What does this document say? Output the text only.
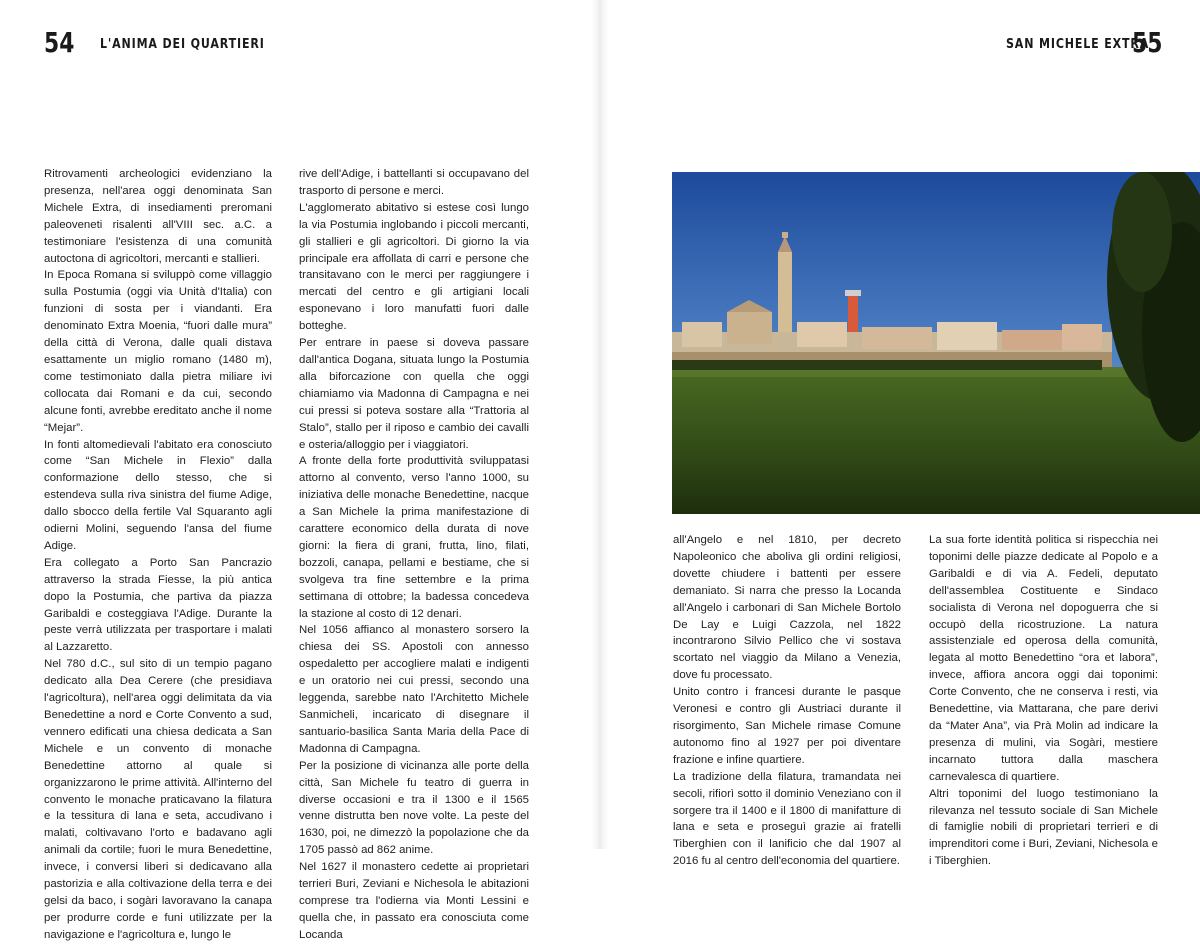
54 L'ANIMA DEI QUARTIERI

Ritrovamenti archeologici evidenziano la presenza, nell'area oggi denominata San Michele Extra, di insediamenti preromani paleoveneti risalenti all'VIII sec. a.C. a testimoniare l'esistenza di una comunità autoctona di agricoltori, mercanti e stallieri.

In Epoca Romana si sviluppò come villaggio sulla Postumia (oggi via Unità d'Italia) con funzioni di sosta per i viandanti. Era denominato Extra Moenia, “fuori dalle mura” della città di Verona, dalle quali distava esattamente un miglio romano (1480 m), come testimoniato dalla pietra miliare ivi collocata dai Romani e da cui, secondo alcune fonti, avrebbe ereditato anche il nome “Mejar”.

In fonti altomedievali l'abitato era conosciuto come “San Michele in Flexio” dalla conformazione dello stesso, che si estendeva sulla riva sinistra del fiume Adige, dallo sbocco della fertile Val Squaranto agli odierni Molini, seguendo l'ansa del fiume Adige.

Era collegato a Porto San Pancrazio attraverso la strada Fiesse, la più antica dopo la Postumia, che partiva da piazza Garibaldi e costeggiava l'Adige. Durante la peste verrà utilizzata per trasportare i malati al Lazzaretto.

Nel 780 d.C., sul sito di un tempio pagano dedicato alla Dea Cerere (che presidiava l'agricoltura), nell'area oggi delimitata da via Benedettine a nord e Corte Convento a sud, vennero edificati una chiesa dedicata a San Michele e un convento di monache Benedettine attorno al quale si organizzarono le prime attività. All'interno del convento le monache praticavano la filatura e la tessitura di lana e seta, accudivano i malati, coltivavano l'orto e badavano agli animali da cortile; fuori le mura Benedettine, invece, i conversi liberi si dedicavano alla pastorizia e alla coltivazione della terra e dei gelsi da baco, i sogàri lavoravano la canapa per produrre corde e funi utilizzate per la navigazione e l'agricoltura e, lungo le

rive dell'Adige, i battellanti si occupavano del trasporto di persone e merci.

L'agglomerato abitativo si estese così lungo la via Postumia inglobando i piccoli mercanti, gli stallieri e gli agricoltori. Di giorno la via principale era affollata di carri e persone che transitavano con le merci per raggiungere i mercati del centro e gli artigiani locali esponevano i loro manufatti fuori dalle botteghe.

Per entrare in paese si doveva passare dall'antica Dogana, situata lungo la Postumia alla biforcazione con quella che oggi chiamiamo via Madonna di Campagna e nei cui pressi si poteva sostare alla “Trattoria al Stalo”, stallo per il riposo e cambio dei cavalli e osteria/alloggio per i viaggiatori.

A fronte della forte produttività sviluppatasi attorno al convento, verso l'anno 1000, su iniziativa delle monache Benedettine, nacque a San Michele la prima manifestazione di carattere economico della durata di nove giorni: la fiera di grani, frutta, lino, filati, bozzoli, canapa, pellami e bestiame, che si svolgeva tra fine settembre e la prima settimana di ottobre; la badessa concedeva la stazione al costo di 12 denari.

Nel 1056 affianco al monastero sorsero la chiesa dei SS. Apostoli con annesso ospedaletto per accogliere malati e indigenti e un oratorio nei cui pressi, secondo una leggenda, sarebbe nato l'Architetto Michele Sanmicheli, incaricato di disegnare il santuario-basilica Santa Maria della Pace di Madonna di Campagna.

Per la posizione di vicinanza alle porte della città, San Michele fu teatro di guerra in diverse occasioni e tra il 1300 e il 1565 venne distrutta ben nove volte. La peste del 1630, poi, ne dimezzò la popolazione che da 1705 passò ad 862 anime.

Nel 1627 il monastero cedette ai proprietari terrieri Buri, Zeviani e Nichesola le abitazioni comprese tra l'odierna via Monti Lessini e quella che, in passato era conosciuta come Locanda

SAN MICHELE EXTRA
55

all'Angelo e nel 1810, per decreto Napoleonico che aboliva gli ordini religiosi, dovette chiudere i battenti per essere demaniato. Si narra che presso la Locanda all'Angelo i carbonari di San Michele Bortolo De Lay e Luigi Cazzola, nel 1822 incontrarono Silvio Pellico che vi sostava scortato nel viaggio da Milano a Venezia, dove fu processato.

Unito contro i francesi durante le pasque Veronesi e contro gli Austriaci durante il risorgimento, San Michele rimase Comune autonomo fino al 1927 per poi diventare frazione e infine quartiere.

La tradizione della filatura, tramandata nei secoli, rifiorì sotto il dominio Veneziano con il sorgere tra il 1400 e il 1800 di manifatture di lana e seta e proseguì grazie ai fratelli Tiberghien con il lanificio che dal 1907 al 2016 fu al centro dell'economia del quartiere.

La sua forte identità politica si rispecchia nei toponimi delle piazze dedicate al Popolo e a Garibaldi e di via A. Fedeli, deputato dell'assemblea Costituente e Sindaco socialista di Verona nel dopoguerra che si occupò della ricostruzione. La natura assistenziale ed operosa della comunità, legata al motto Benedettino “ora et labora”, invece, affiora ancora oggi dai toponimi: Corte Convento, che ne conserva i resti, via Benedettine, via Mattarana, che pare derivi da “Mater Ana”, via Prà Molin ad indicare la presenza di mulini, via Sogàri, mestiere incarnato tuttora dalla maschera carnevalesca di quartiere.

Altri toponimi del luogo testimoniano la rilevanza nel tessuto sociale di San Michele di famiglie nobili di proprietari terrieri e di imprenditori come i Buri, Zeviani, Nichesola e i Tiberghien.
